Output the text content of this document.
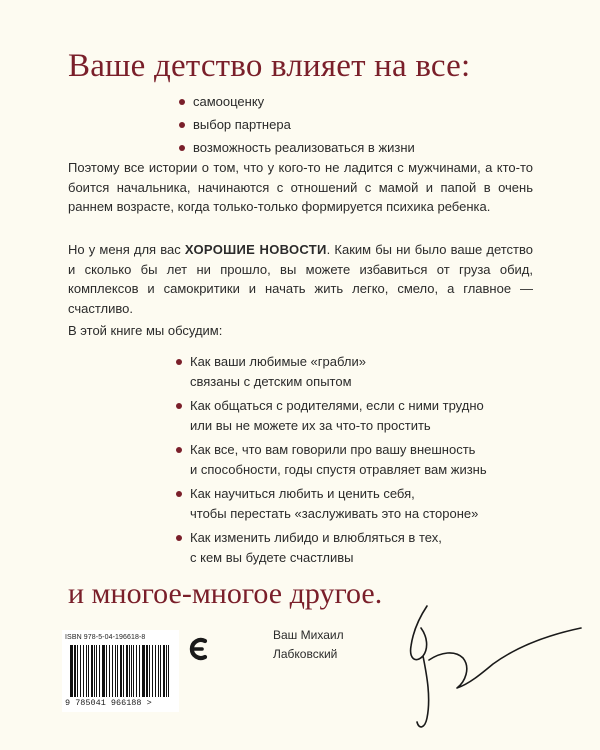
Ваше детство влияет на все:
самооценку
выбор партнера
возможность реализоваться в жизни

Поэтому все истории о том, что у кого-то не ладится с мужчинами, а кто-то боится начальника, начинаются с отношений с мамой и папой в очень раннем возрасте, когда только-только формируется психика ребенка.

Но у меня для вас ХОРОШИЕ НОВОСТИ. Каким бы ни было ваше детство и сколько бы лет ни прошло, вы можете избавиться от груза обид, комплексов и самокритики и начать жить легко, смело, а главное — счастливо.

В этой книге мы обсудим:

Как ваши любимые «грабли»
связаны с детским опытом
Как общаться с родителями, если с ними трудно
или вы не можете их за что-то простить
Как все, что вам говорили про вашу внешность
и способности, годы спустя отравляет вам жизнь
Как научиться любить и ценить себя,
чтобы перестать «заслуживать это на стороне»
Как изменить либидо и влюбляться в тех,
с кем вы будете счастливы
и многое-многое другое.
ISBN 978-5-04-196618-8
9 785041 966188 >
Ваш Михаил
Лабковский
